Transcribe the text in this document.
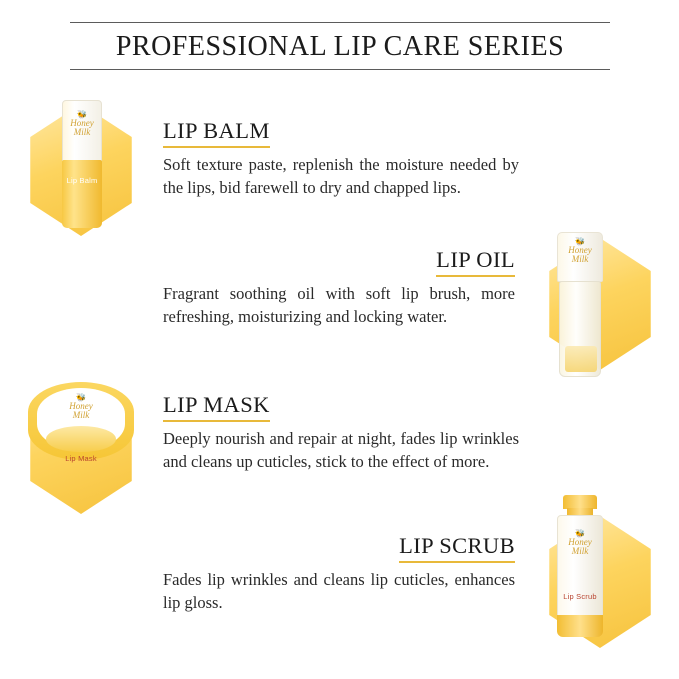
PROFESSIONAL LIP CARE SERIES
🐝
Honey
Milk
Lip Balm
LIP BALM
Soft texture paste, replenish the moisture needed by the lips, bid farewell to dry and chapped lips.
🐝
Honey
Milk
LIP OIL
Fragrant soothing oil with soft lip brush, more refreshing, moisturizing and locking water.
🐝
Honey
Milk
Lip Mask
LIP MASK
Deeply nourish and repair at night, fades lip wrinkles and cleans up cuticles, stick to the effect of more.
🐝
Honey
Milk
Lip Scrub
LIP SCRUB
Fades lip wrinkles and cleans lip cuticles, enhances lip gloss.
